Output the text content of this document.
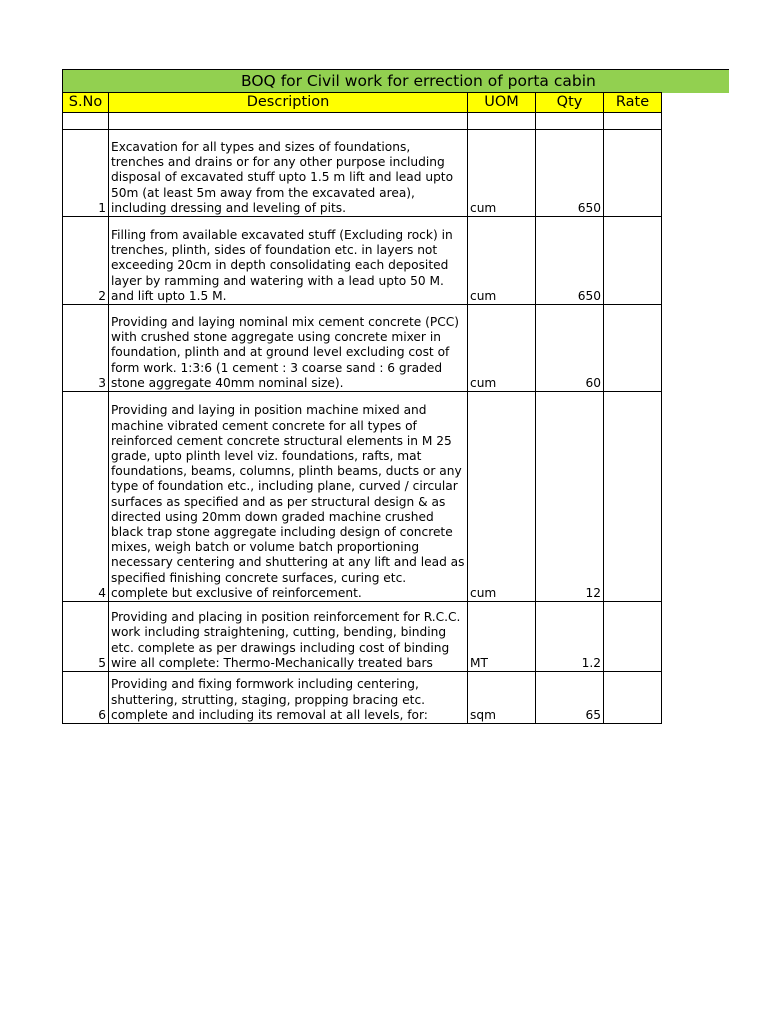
BOQ for Civil work for errection of porta cabin
S.No	Description	UOM	Qty	Rate

1	Excavation for all types and sizes of foundations, trenches and drains or for any other purpose including disposal of excavated stuff upto 1.5 m lift and lead upto 50m (at least 5m away from the excavated area), including dressing and leveling of pits.	cum	650	
2	Filling from available excavated stuff (Excluding rock) in trenches, plinth, sides of foundation etc. in layers not exceeding 20cm in depth consolidating each deposited layer by ramming and watering with a lead upto 50 M. and lift upto 1.5 M.	cum	650	
3	Providing and laying nominal mix cement concrete (PCC) with crushed stone aggregate using concrete mixer in foundation, plinth and at ground level excluding cost of form work. 1:3:6 (1 cement : 3 coarse sand : 6 graded stone aggregate 40mm nominal size).	cum	60	
4	Providing and laying in position machine mixed and machine vibrated cement concrete for all types of reinforced cement concrete structural elements in M 25 grade, upto plinth level viz. foundations, rafts, mat foundations, beams, columns, plinth beams, ducts or any type of foundation etc., including plane, curved / circular surfaces as specified and as per structural design & as directed using 20mm down graded machine crushed black trap stone aggregate including design of concrete mixes, weigh batch or volume batch proportioning necessary centering and shuttering at any lift and lead as specified finishing concrete surfaces, curing etc. complete but exclusive of reinforcement.	cum	12	
5	Providing and placing in position reinforcement for R.C.C. work including straightening, cutting, bending, binding etc. complete as per drawings including cost of binding wire all complete: Thermo-Mechanically treated bars	MT	1.2	
6	Providing and fixing formwork including centering, shuttering, strutting, staging, propping bracing etc. complete and including its removal at all levels, for:	sqm	65	
